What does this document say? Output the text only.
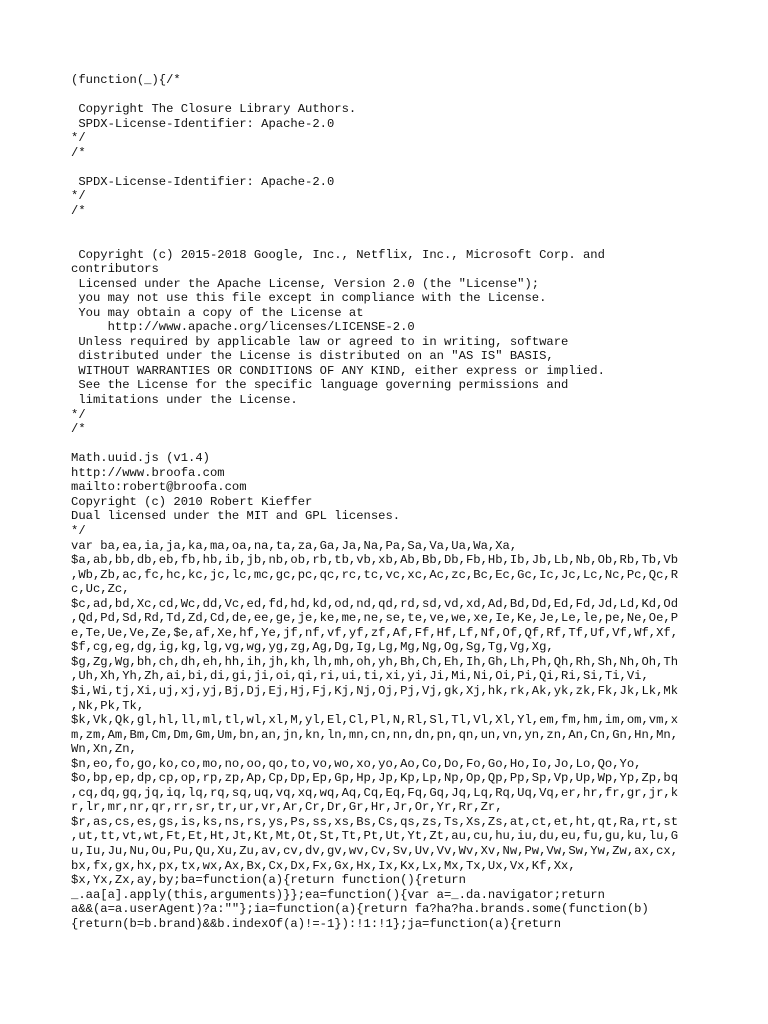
(function(_){/*
Copyright The Closure Library Authors.
SPDX-License-Identifier: Apache-2.0
*/
/*
SPDX-License-Identifier: Apache-2.0
*/
/*
Copyright (c) 2015-2018 Google, Inc., Netflix, Inc., Microsoft Corp. and
contributors
Licensed under the Apache License, Version 2.0 (the "License");
you may not use this file except in compliance with the License.
You may obtain a copy of the License at
http://www.apache.org/licenses/LICENSE-2.0
Unless required by applicable law or agreed to in writing, software
distributed under the License is distributed on an "AS IS" BASIS,
WITHOUT WARRANTIES OR CONDITIONS OF ANY KIND, either express or implied.
See the License for the specific language governing permissions and
limitations under the License.
*/
/*
Math.uuid.js (v1.4)
http://www.broofa.com
mailto:robert@broofa.com
Copyright (c) 2010 Robert Kieffer
Dual licensed under the MIT and GPL licenses.
*/
var ba,ea,ia,ja,ka,ma,oa,na,ta,za,Ga,Ja,Na,Pa,Sa,Va,Ua,Wa,Xa,
$a,ab,bb,db,eb,fb,hb,ib,jb,nb,ob,rb,tb,vb,xb,Ab,Bb,Db,Fb,Hb,Ib,Jb,Lb,Nb,Ob,Rb,Tb,Vb
,Wb,Zb,ac,fc,hc,kc,jc,lc,mc,gc,pc,qc,rc,tc,vc,xc,Ac,zc,Bc,Ec,Gc,Ic,Jc,Lc,Nc,Pc,Qc,R
c,Uc,Zc,
$c,ad,bd,Xc,cd,Wc,dd,Vc,ed,fd,hd,kd,od,nd,qd,rd,sd,vd,xd,Ad,Bd,Dd,Ed,Fd,Jd,Ld,Kd,Od
,Qd,Pd,Sd,Rd,Td,Zd,Cd,de,ee,ge,je,ke,me,ne,se,te,ve,we,xe,Ie,Ke,Je,Le,le,pe,Ne,Oe,P
e,Te,Ue,Ve,Ze,$e,af,Xe,hf,Ye,jf,nf,vf,yf,zf,Af,Ff,Hf,Lf,Nf,Of,Qf,Rf,Tf,Uf,Vf,Wf,Xf,
$f,cg,eg,dg,ig,kg,lg,vg,wg,yg,zg,Ag,Dg,Ig,Lg,Mg,Ng,Og,Sg,Tg,Vg,Xg,
$g,Zg,Wg,bh,ch,dh,eh,hh,ih,jh,kh,lh,mh,oh,yh,Bh,Ch,Eh,Ih,Gh,Lh,Ph,Qh,Rh,Sh,Nh,Oh,Th
,Uh,Xh,Yh,Zh,ai,bi,di,gi,ji,oi,qi,ri,ui,ti,xi,yi,Ji,Mi,Ni,Oi,Pi,Qi,Ri,Si,Ti,Vi,
$i,Wi,tj,Xi,uj,xj,yj,Bj,Dj,Ej,Hj,Fj,Kj,Nj,Oj,Pj,Vj,gk,Xj,hk,rk,Ak,yk,zk,Fk,Jk,Lk,Mk
,Nk,Pk,Tk,
$k,Vk,Qk,gl,hl,ll,ml,tl,wl,xl,M,yl,El,Cl,Pl,N,Rl,Sl,Tl,Vl,Xl,Yl,em,fm,hm,im,om,vm,x
m,zm,Am,Bm,Cm,Dm,Gm,Um,bn,an,jn,kn,ln,mn,cn,nn,dn,pn,qn,un,vn,yn,zn,An,Cn,Gn,Hn,Mn,
Wn,Xn,Zn,
$n,eo,fo,go,ko,co,mo,no,oo,qo,to,vo,wo,xo,yo,Ao,Co,Do,Fo,Go,Ho,Io,Jo,Lo,Qo,Yo,
$o,bp,ep,dp,cp,op,rp,zp,Ap,Cp,Dp,Ep,Gp,Hp,Jp,Kp,Lp,Np,Op,Qp,Pp,Sp,Vp,Up,Wp,Yp,Zp,bq
,cq,dq,gq,jq,iq,lq,rq,sq,uq,vq,xq,wq,Aq,Cq,Eq,Fq,Gq,Jq,Lq,Rq,Uq,Vq,er,hr,fr,gr,jr,k
r,lr,mr,nr,qr,rr,sr,tr,ur,vr,Ar,Cr,Dr,Gr,Hr,Jr,Or,Yr,Rr,Zr,
$r,as,cs,es,gs,is,ks,ns,rs,ys,Ps,ss,xs,Bs,Cs,qs,zs,Ts,Xs,Zs,at,ct,et,ht,qt,Ra,rt,st
,ut,tt,vt,wt,Ft,Et,Ht,Jt,Kt,Mt,Ot,St,Tt,Pt,Ut,Yt,Zt,au,cu,hu,iu,du,eu,fu,gu,ku,lu,G
u,Iu,Ju,Nu,Ou,Pu,Qu,Xu,Zu,av,cv,dv,gv,wv,Cv,Sv,Uv,Vv,Wv,Xv,Nw,Pw,Vw,Sw,Yw,Zw,ax,cx,
bx,fx,gx,hx,px,tx,wx,Ax,Bx,Cx,Dx,Fx,Gx,Hx,Ix,Kx,Lx,Mx,Tx,Ux,Vx,Kf,Xx,
$x,Yx,Zx,ay,by;ba=function(a){return function(){return
_.aa[a].apply(this,arguments)}};ea=function(){var a=_.da.navigator;return
a&&(a=a.userAgent)?a:""};ia=function(a){return fa?ha?ha.brands.some(function(b)
{return(b=b.brand)&&b.indexOf(a)!=-1}):!1:!1};ja=function(a){return
